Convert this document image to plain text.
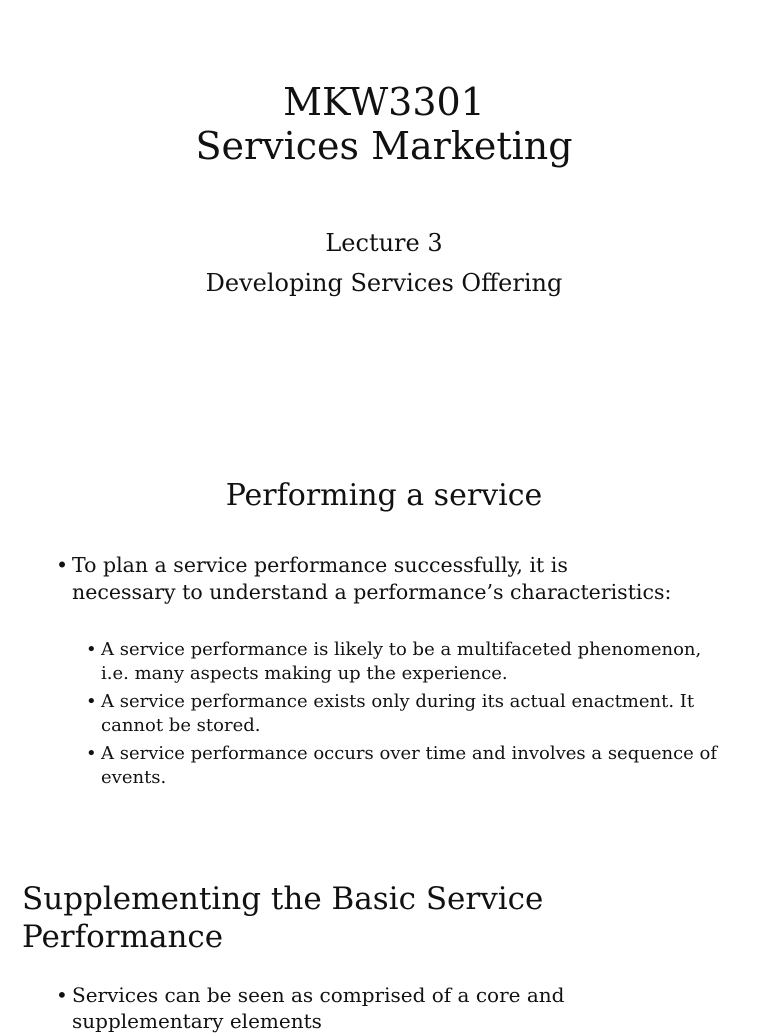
MKW3301
Services Marketing
Lecture 3
Developing Services Offering
Performing a service
• To plan a service performance successfully, it is necessary to understand a performance’s characteristics:
• A service performance is likely to be a multifaceted phenomenon, i.e. many aspects making up the experience.
• A service performance exists only during its actual enactment. It cannot be stored.
• A service performance occurs over time and involves a sequence of events.
Supplementing the Basic Service Performance
• Services can be seen as comprised of a core and supplementary elements
